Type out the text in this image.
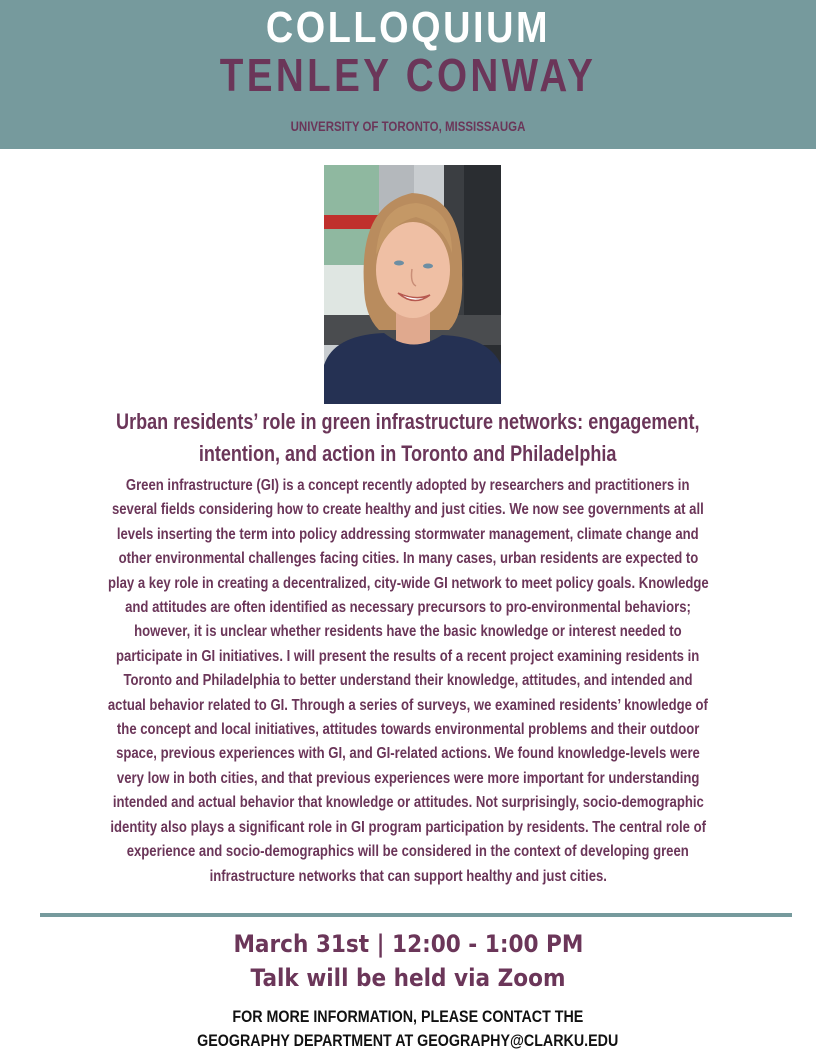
COLLOQUIUM
TENLEY CONWAY
UNIVERSITY OF TORONTO, MISSISSAUGA
Urban residents’ role in green infrastructure networks: engagement,
intention, and action in Toronto and Philadelphia
Green infrastructure (GI) is a concept recently adopted by researchers and practitioners in
several fields considering how to create healthy and just cities. We now see governments at all
levels inserting the term into policy addressing stormwater management, climate change and
other environmental challenges facing cities. In many cases, urban residents are expected to
play a key role in creating a decentralized, city-wide GI network to meet policy goals. Knowledge
and attitudes are often identified as necessary precursors to pro-environmental behaviors;
however, it is unclear whether residents have the basic knowledge or interest needed to
participate in GI initiatives. I will present the results of a recent project examining residents in
Toronto and Philadelphia to better understand their knowledge, attitudes, and intended and
actual behavior related to GI. Through a series of surveys, we examined residents’ knowledge of
the concept and local initiatives, attitudes towards environmental problems and their outdoor
space, previous experiences with GI, and GI-related actions. We found knowledge-levels were
very low in both cities, and that previous experiences were more important for understanding
intended and actual behavior that knowledge or attitudes. Not surprisingly, socio-demographic
identity also plays a significant role in GI program participation by residents. The central role of
experience and socio-demographics will be considered in the context of developing green
infrastructure networks that can support healthy and just cities.
March 31st | 12:00 - 1:00 PM
Talk will be held via Zoom
FOR MORE INFORMATION, PLEASE CONTACT THE
GEOGRAPHY DEPARTMENT AT GEOGRAPHY@CLARKU.EDU
